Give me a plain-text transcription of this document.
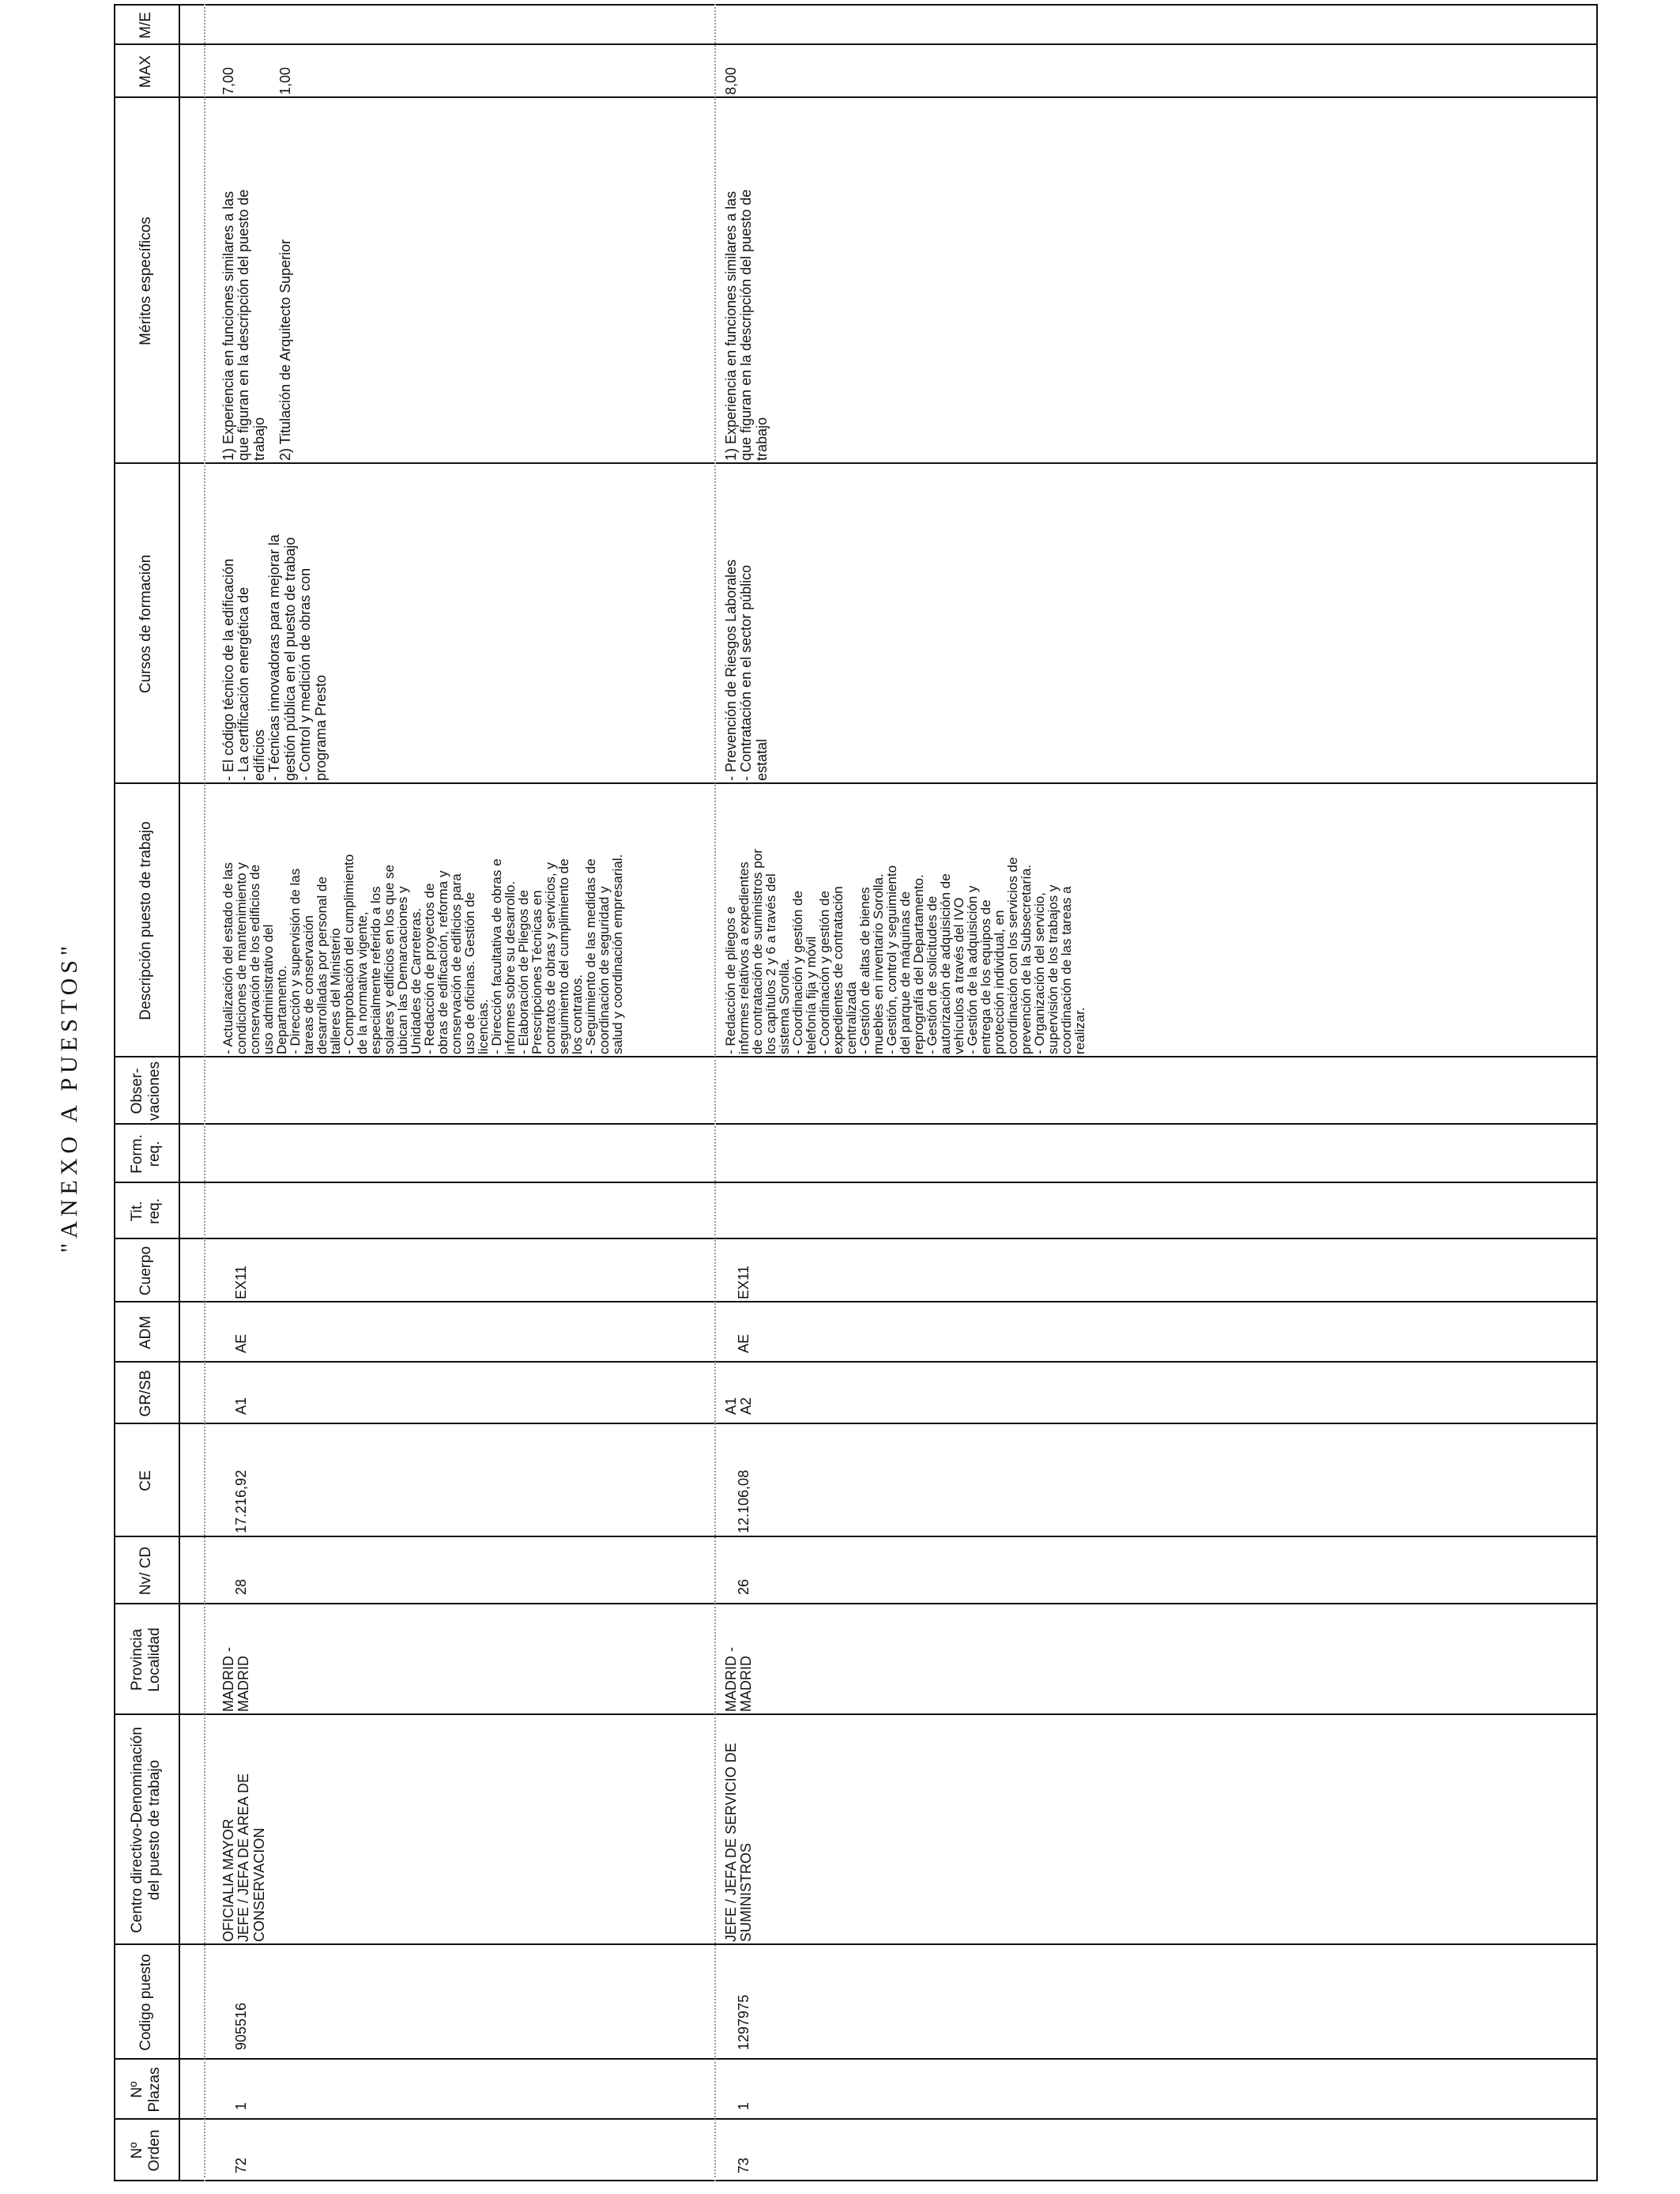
"ANEXO A PUESTOS"
Nº Orden
Nº Plazas
Codigo puesto
Centro directivo-Denominación del puesto de trabajo
Provincia Localidad
Nv/ CD
CE
GR/SB
ADM
Cuerpo
Tit. req.
Form. req.
Obser-vaciones
Descripción puesto de trabajo
Cursos de formación
Méritos específicos
MAX
M/E
72
1
905516
OFICIALIA MAYOR
JEFE / JEFA DE AREA DE
CONSERVACION
MADRID -
MADRID
28
17.216,92
A1
AE
EX11
- Actualización del estado de las
condiciones de mantenimiento y
conservación de los edificios de
uso administrativo del
Departamento.
- Dirección y supervisión de las
tareas de conservación
desarrolladas por personal de
talleres del Ministerio
- Comprobación del cumplimiento
de la normativa vigente,
especialmente referido a los
solares y edificios en los que se
ubican las Demarcaciones y
Unidades de Carreteras.
- Redacción de proyectos de
obras de edificación, reforma y
conservación de edificios para
uso de oficinas. Gestión de
licencias.
- Dirección facultativa de obras e
informes sobre su desarrollo.
- Elaboración de Pliegos de
Prescripciones Técnicas en
contratos de obras y servicios, y
seguimiento del cumplimiento de
los contratos.
- Seguimiento de las medidas de
coordinación de seguridad y
salud y coordinación empresarial.
- El código técnico de la edificación
- La certificación energética de
edificios
- Técnicas innovadoras para mejorar la
gestión pública en el puesto de trabajo
- Control y medición de obras con
programa Presto
1) Experiencia en funciones similares a las
que figuran en la descripción del puesto de
trabajo 2) Titulación de Arquitecto Superior
7,00	1,00
73
1
1297975
JEFE / JEFA DE SERVICIO DE
SUMINISTROS
MADRID -
MADRID
26
12.106,08
A1
A2
AE
EX11
- Redacción de pliegos e
informes relativos a expedientes
de contratación de suministros por
los capítulos 2 y 6 a través del
sistema Sorolla.
- Coordinación y gestión de
telefonía fija y móvil
- Coordinación y gestión de
expedientes de contratación
centralizada
- Gestión de altas de bienes
muebles en inventario Sorolla.
- Gestión, control y seguimiento
del parque de máquinas de
reprografía del Departamento.
- Gestión de solicitudes de
autorización de adquisición de
vehículos a través del IVO
- Gestión de la adquisición y
entrega de los equipos de
protección individual, en
coordinación con los servicios de
prevención de la Subsecretaría.
- Organización del servicio,
supervisión de los trabajos y
coordinación de las tareas a
realizar.
- Prevención de Riesgos Laborales
- Contratación en el sector público
estatal
1) Experiencia en funciones similares a las
que figuran en la descripción del puesto de
trabajo
8,00
